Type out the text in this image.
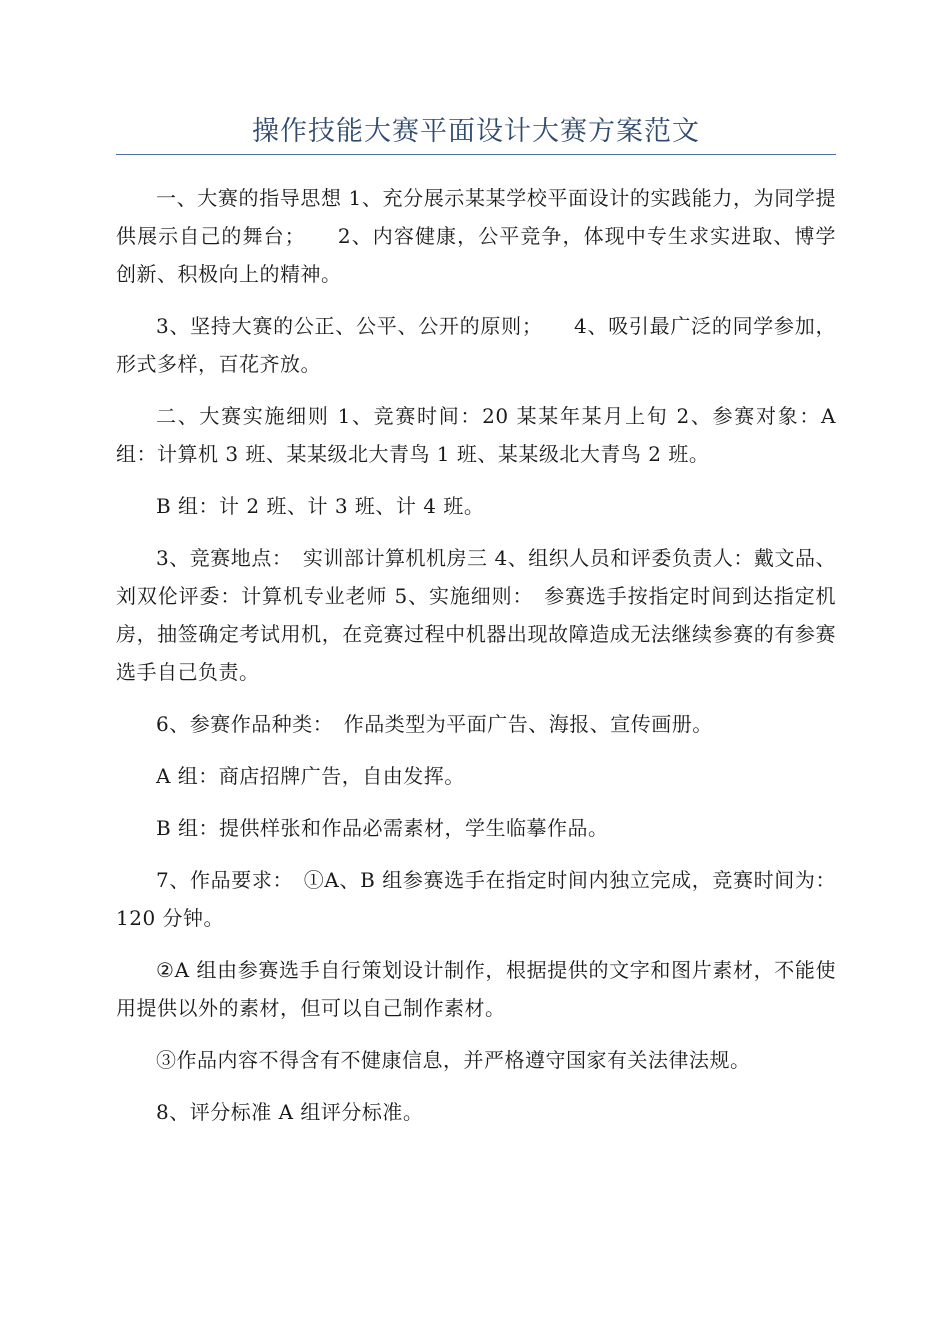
操作技能大赛平面设计大赛方案范文

一、大赛的指导思想 1、充分展示某某学校平面设计的实践能力，为同学提供展示自己的舞台；　　2、内容健康，公平竞争，体现中专生求实进取、博学创新、积极向上的精神。

3、坚持大赛的公正、公平、公开的原则；　　4、吸引最广泛的同学参加，形式多样，百花齐放。

二、大赛实施细则 1、竞赛时间：20 某某年某月上旬 2、参赛对象：A 组：计算机 3 班、某某级北大青鸟 1 班、某某级北大青鸟 2 班。

B 组：计 2 班、计 3 班、计 4 班。

3、竞赛地点：　实训部计算机机房三 4、组织人员和评委负责人：戴文品、刘双伦评委：计算机专业老师 5、实施细则：　参赛选手按指定时间到达指定机房，抽签确定考试用机，在竞赛过程中机器出现故障造成无法继续参赛的有参赛选手自己负责。

6、参赛作品种类：　作品类型为平面广告、海报、宣传画册。

A 组：商店招牌广告，自由发挥。

B 组：提供样张和作品必需素材，学生临摹作品。

7、作品要求：　①A、B 组参赛选手在指定时间内独立完成，竞赛时间为：120 分钟。

②A 组由参赛选手自行策划设计制作，根据提供的文字和图片素材，不能使用提供以外的素材，但可以自己制作素材。

③作品内容不得含有不健康信息，并严格遵守国家有关法律法规。

8、评分标准 A 组评分标准。
